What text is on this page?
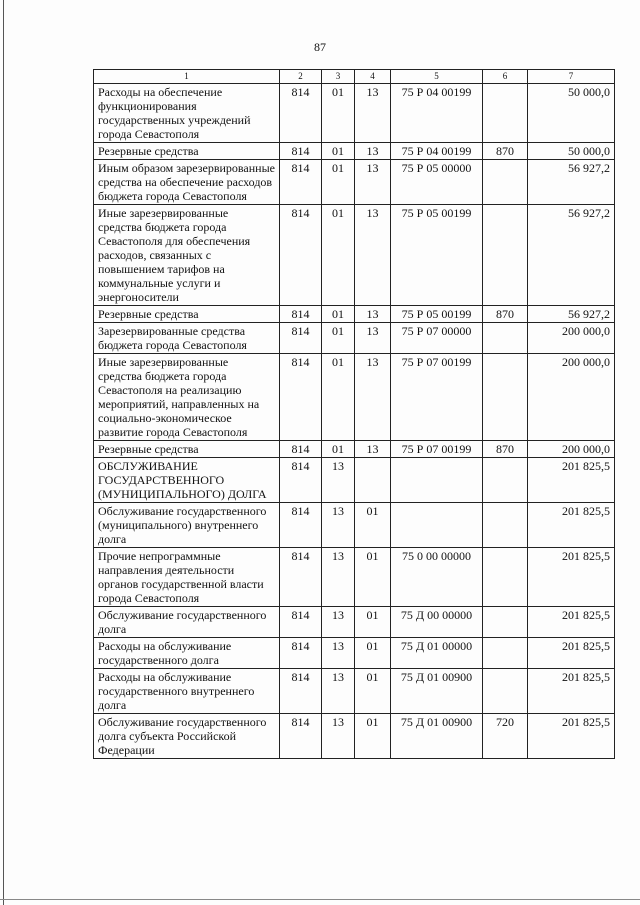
87
1	2	3	4	5	6	7
Расходы на обеспечение функционирования государственных учреждений города Севастополя	814	01	13	75 Р 04 00199		50 000,0
Резервные средства	814	01	13	75 Р 04 00199	870	50 000,0
Иным образом зарезервированные средства на обеспечение расходов бюджета города Севастополя	814	01	13	75 Р 05 00000		56 927,2
Иные зарезервированные средства бюджета города Севастополя для обеспечения расходов, связанных с повышением тарифов на коммунальные услуги и энергоносители	814	01	13	75 Р 05 00199		56 927,2
Резервные средства	814	01	13	75 Р 05 00199	870	56 927,2
Зарезервированные средства бюджета города Севастополя	814	01	13	75 Р 07 00000		200 000,0
Иные зарезервированные средства бюджета города Севастополя на реализацию мероприятий, направленных на социально-экономическое развитие города Севастополя	814	01	13	75 Р 07 00199		200 000,0
Резервные средства	814	01	13	75 Р 07 00199	870	200 000,0
ОБСЛУЖИВАНИЕ ГОСУДАРСТВЕННОГО (МУНИЦИПАЛЬНОГО) ДОЛГА	814	13				201 825,5
Обслуживание государственного (муниципального) внутреннего долга	814	13	01			201 825,5
Прочие непрограммные направления деятельности органов государственной власти города Севастополя	814	13	01	75 0 00 00000		201 825,5
Обслуживание государственного долга	814	13	01	75 Д 00 00000		201 825,5
Расходы на обслуживание государственного долга	814	13	01	75 Д 01 00000		201 825,5
Расходы на обслуживание государственного внутреннего долга	814	13	01	75 Д 01 00900		201 825,5
Обслуживание государственного долга субъекта Российской Федерации	814	13	01	75 Д 01 00900	720	201 825,5
